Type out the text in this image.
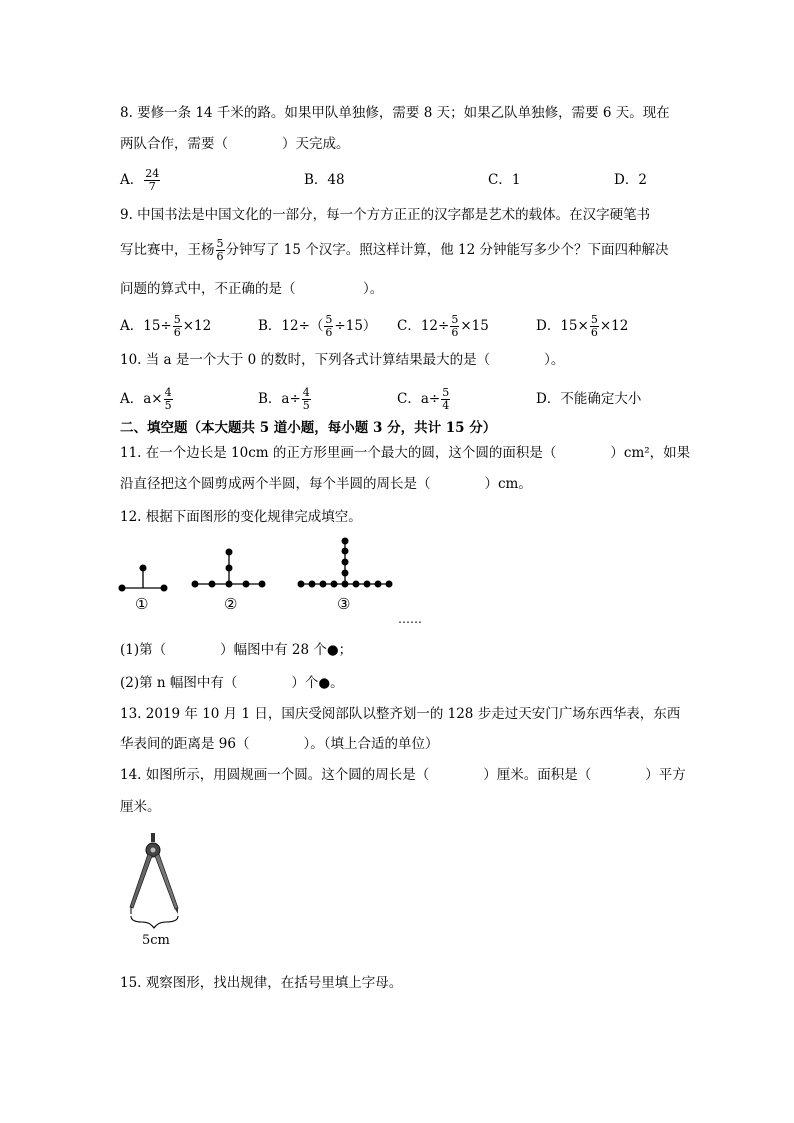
8. 要修一条 14 千米的路。如果甲队单独修，需要 8 天；如果乙队单独修，需要 6 天。现在
两队合作，需要（　　　　）天完成。
A． $\frac{24}{7}$	B．48	C．1	D．2
9. 中国书法是中国文化的一部分，每一个方方正正的汉字都是艺术的载体。在汉字硬笔书
写比赛中，王杨 $\frac{5}{6}$ 分钟写了 15 个汉字。照这样计算，他 12 分钟能写多少个？下面四种解决
问题的算式中，不正确的是（　　　　　）。
A．$15\div \frac{5}{6} \times 12$	B．$12\div( \frac{5}{6} \div 15)$ C．$12\div \frac{5}{6} \times 15$	D．$15\times \frac{5}{6} \times 12$
10. 当 a 是一个大于 0 的数时，下列各式计算结果最大的是（　　　　）。
A．$a\times \frac{4}{5}$	B．$a\div \frac{4}{5}$	C．$a\div \frac{5}{4}$	D．不能确定大小
二、填空题（本大题共 5 道小题，每小题 3 分，共计 15 分）
11. 在一个边长是 10cm 的正方形里画一个最大的圆，这个圆的面积是（　　　　）cm²，如果
沿直径把这个圆剪成两个半圆，每个半圆的周长是（　　　　）cm。
12. 根据下面图形的变化规律完成填空。
①	②	③
……
(1)第（　　　　）幅图中有 28 个●；
(2)第 n 幅图中有（　　　　）个●。
13. 2019 年 10 月 1 日，国庆受阅部队以整齐划一的 128 步走过天安门广场东西华表，东西
华表间的距离是 96（　　　　）。（填上合适的单位）
14. 如图所示，用圆规画一个圆。这个圆的周长是（　　　　）厘米。面积是（　　　　）平方
厘米。
5cm
15. 观察图形，找出规律，在括号里填上字母。
